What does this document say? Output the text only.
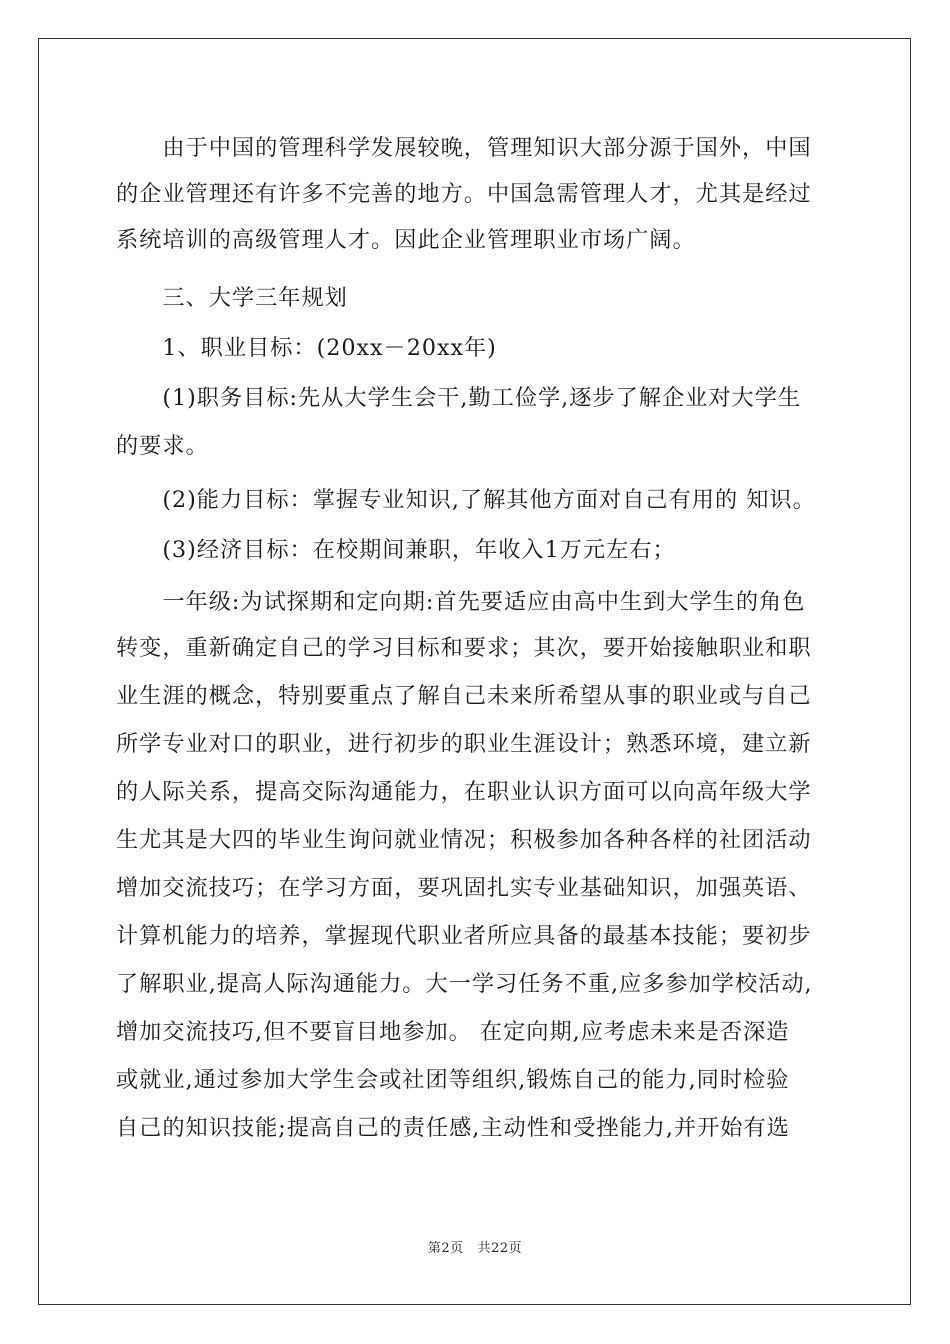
　　由于中国的管理科学发展较晚，管理知识大部分源于国外，中国
的企业管理还有许多不完善的地方。中国急需管理人才，尤其是经过
系统培训的高级管理人才。因此企业管理职业市场广阔。
　　三、大学三年规划
　　1、职业目标：(20xx－20xx年)
　　(1)职务目标:先从大学生会干,勤工俭学,逐步了解企业对大学生
的要求。
　　(2)能力目标：掌握专业知识,了解其他方面对自己有用的 知识。
　　(3)经济目标：在校期间兼职，年收入1万元左右；
　　一年级:为试探期和定向期:首先要适应由高中生到大学生的角色
转变，重新确定自己的学习目标和要求；其次，要开始接触职业和职
业生涯的概念，特别要重点了解自己未来所希望从事的职业或与自己
所学专业对口的职业，进行初步的职业生涯设计；熟悉环境，建立新
的人际关系，提高交际沟通能力，在职业认识方面可以向高年级大学
生尤其是大四的毕业生询问就业情况；积极参加各种各样的社团活动
增加交流技巧；在学习方面，要巩固扎实专业基础知识，加强英语、
计算机能力的培养，掌握现代职业者所应具备的最基本技能；要初步
了解职业,提高人际沟通能力。大一学习任务不重,应多参加学校活动,
增加交流技巧,但不要盲目地参加。 在定向期,应考虑未来是否深造
或就业,通过参加大学生会或社团等组织,锻炼自己的能力,同时检验
自己的知识技能;提高自己的责任感,主动性和受挫能力,并开始有选
第2页 共22页
